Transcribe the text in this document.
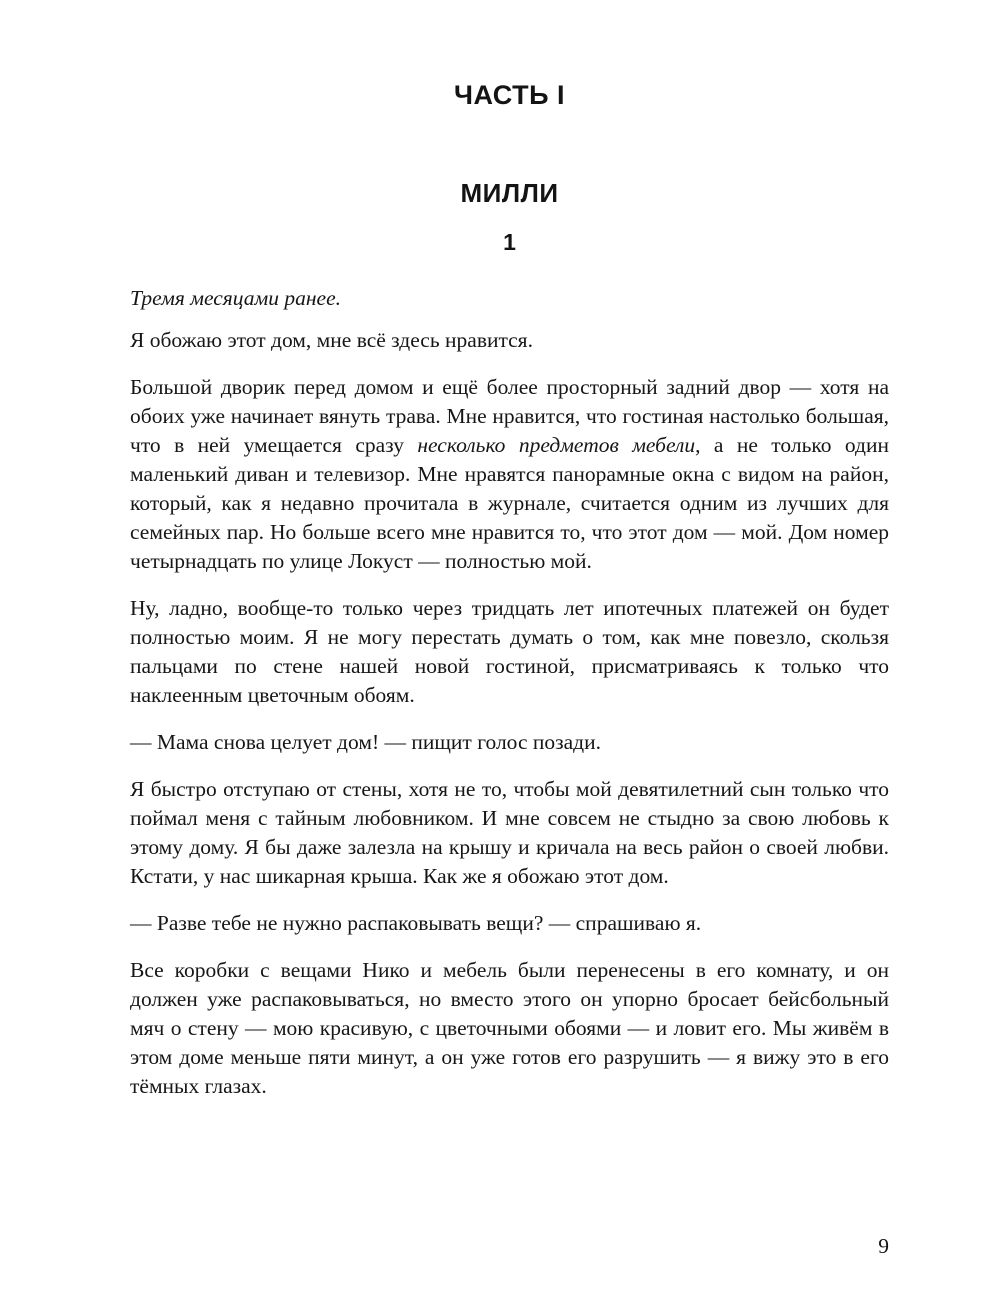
ЧАСТЬ I
МИЛЛИ
1

Тремя месяцами ранее.

Я обожаю этот дом, мне всё здесь нравится.

Большой дворик перед домом и ещё более просторный задний двор — хотя на обоих уже начинает вянуть трава. Мне нравится, что гостиная настолько большая, что в ней умещается сразу несколько предметов мебели, а не только один маленький диван и телевизор. Мне нравятся панорамные окна с видом на район, который, как я недавно прочитала в журнале, считается одним из лучших для семейных пар. Но больше всего мне нравится то, что этот дом — мой. Дом номер четырнадцать по улице Локуст — полностью мой.

Ну, ладно, вообще-то только через тридцать лет ипотечных платежей он будет полностью моим. Я не могу перестать думать о том, как мне повезло, скользя пальцами по стене нашей новой гостиной, присматриваясь к только что наклеенным цветочным обоям.

— Мама снова целует дом! — пищит голос позади.

Я быстро отступаю от стены, хотя не то, чтобы мой девятилетний сын только что поймал меня с тайным любовником. И мне совсем не стыдно за свою любовь к этому дому. Я бы даже залезла на крышу и кричала на весь район о своей любви. Кстати, у нас шикарная крыша. Как же я обожаю этот дом.

— Разве тебе не нужно распаковывать вещи? — спрашиваю я.

Все коробки с вещами Нико и мебель были перенесены в его комнату, и он должен уже распаковываться, но вместо этого он упорно бросает бейсбольный мяч о стену — мою красивую, с цветочными обоями — и ловит его. Мы живём в этом доме меньше пяти минут, а он уже готов его разрушить — я вижу это в его тёмных глазах.

9
